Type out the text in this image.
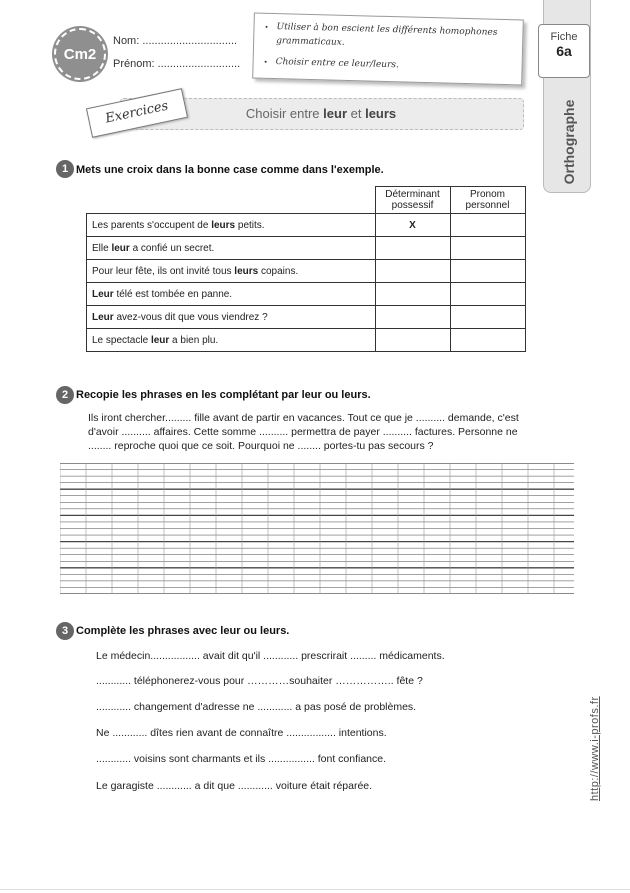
Cm2
Nom: ...............................
Prénom: ...........................
• Utiliser à bon escient les différents homophones grammaticaux.
• Choisir entre ce leur/leurs.
Fiche
6a
Orthographe
Choisir entre leur et leurs
Exercices
1 Mets une croix dans la bonne case comme dans l'exemple.
	Déterminant possessif	Pronom personnel
Les parents s'occupent de leurs petits.	X	
Elle leur a confié un secret.		
Pour leur fête, ils ont invité tous leurs copains.		
Leur télé est tombée en panne.		
Leur avez-vous dit que vous viendrez ?		
Le spectacle leur a bien plu.		
2 Recopie les phrases en les complétant par leur ou leurs.
Ils iront chercher......... fille avant de partir en vacances. Tout ce que je .......... demande, c'est
d'avoir .......... affaires. Cette somme .......... permettra de payer .......... factures. Personne ne
........ reproche quoi que ce soit. Pourquoi ne ........ portes-tu pas secours ?
3 Complète les phrases avec leur ou leurs.
Le médecin................. avait dit qu'il ............ prescrirait ......... médicaments.
............ téléphonerez-vous pour …………souhaiter …………….. fête ?
............ changement d'adresse ne ............ a pas posé de problèmes.
Ne ............ dîtes rien avant de connaître ................. intentions.
............ voisins sont charmants et ils ................ font confiance.
Le garagiste ............ a dit que ............ voiture était réparée.	http://www.i-profs.fr
